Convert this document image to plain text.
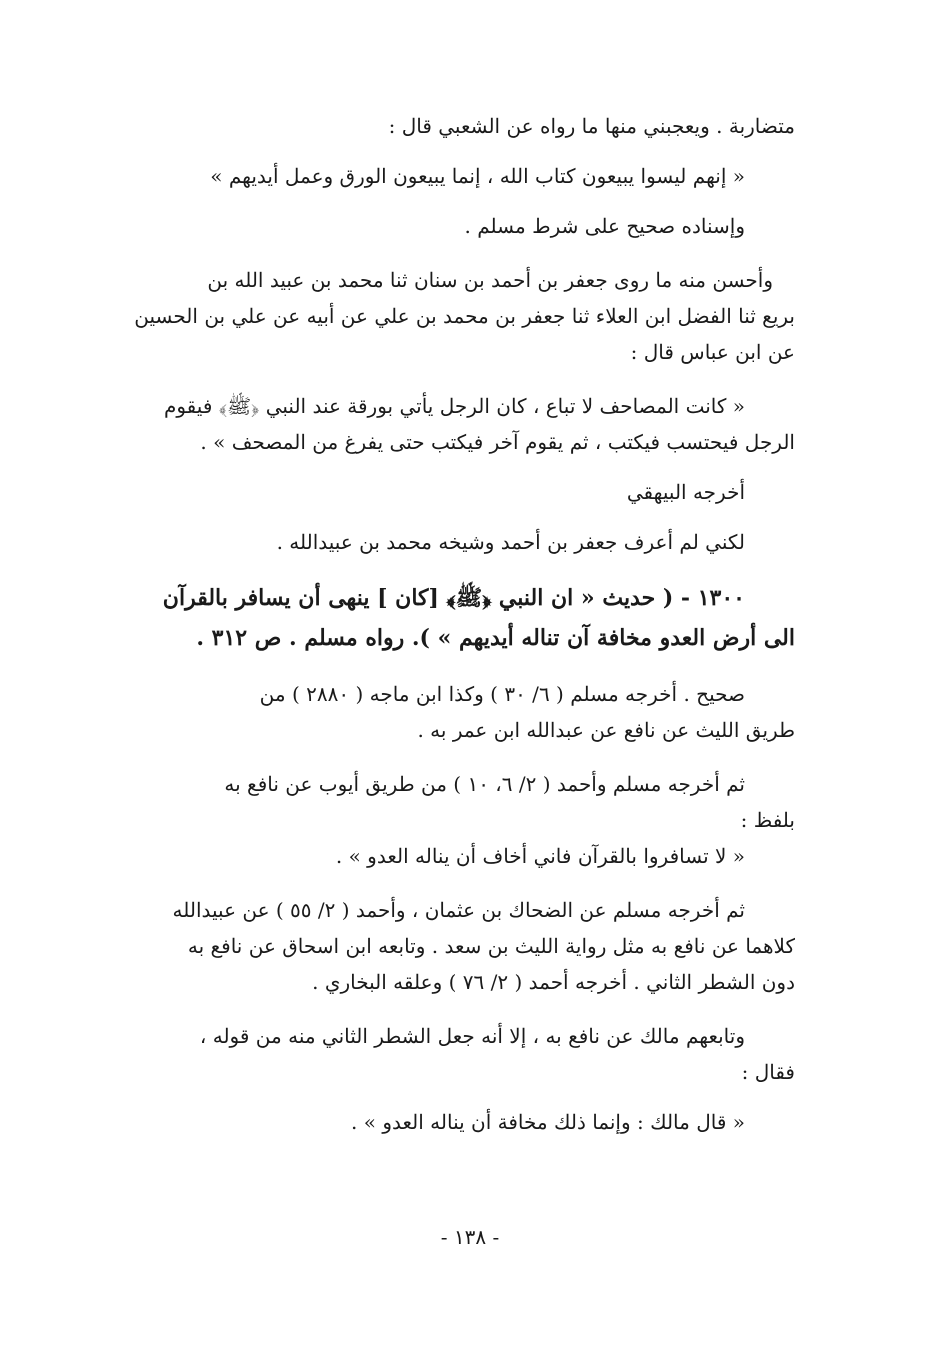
متضاربة . ويعجبني منها ما رواه عن الشعبي قال :
« إنهم ليسوا يبيعون كتاب الله ، إنما يبيعون الورق وعمل أيديهم »
وإسناده صحيح على شرط مسلم .
وأحسن منه ما روى جعفر بن أحمد بن سنان ثنا محمد بن عبيد الله بن
بريع ثنا الفضل ابن العلاء ثنا جعفر بن محمد بن علي عن أبيه عن علي بن الحسين
عن ابن عباس قال :
« كانت المصاحف لا تباع ، كان الرجل يأتي بورقة عند النبي ﴿ﷺ﴾ فيقوم
الرجل فيحتسب فيكتب ، ثم يقوم آخر فيكتب حتى يفرغ من المصحف » .
أخرجه البيهقي
لكني لم أعرف جعفر بن أحمد وشيخه محمد بن عبيدالله .
١٣٠٠ - ( حديث « ان النبي ﴿ﷺ﴾ [كان ] ينهى أن يسافر بالقرآن
الى أرض العدو مخافة آن تناله أيديهم » ). رواه مسلم . ص ٣١٢ .
صحيح . أخرجه مسلم ( ٦/ ٣٠ ) وكذا ابن ماجه ( ٢٨٨٠ ) من
طريق الليث عن نافع عن عبدالله ابن عمر به .
ثم أخرجه مسلم وأحمد ( ٢/ ٦، ١٠ ) من طريق أيوب عن نافع به
بلفظ :
« لا تسافروا بالقرآن فاني أخاف أن يناله العدو » .
ثم أخرجه مسلم عن الضحاك بن عثمان ، وأحمد ( ٢/ ٥٥ ) عن عبيدالله
كلاهما عن نافع به مثل رواية الليث بن سعد . وتابعه ابن اسحاق عن نافع به
دون الشطر الثاني . أخرجه أحمد ( ٢/ ٧٦ ) وعلقه البخاري .
وتابعهم مالك عن نافع به ، إلا أنه جعل الشطر الثاني منه من قوله ،
فقال :
« قال مالك : وإنما ذلك مخافة أن يناله العدو » .
- ١٣٨ -
